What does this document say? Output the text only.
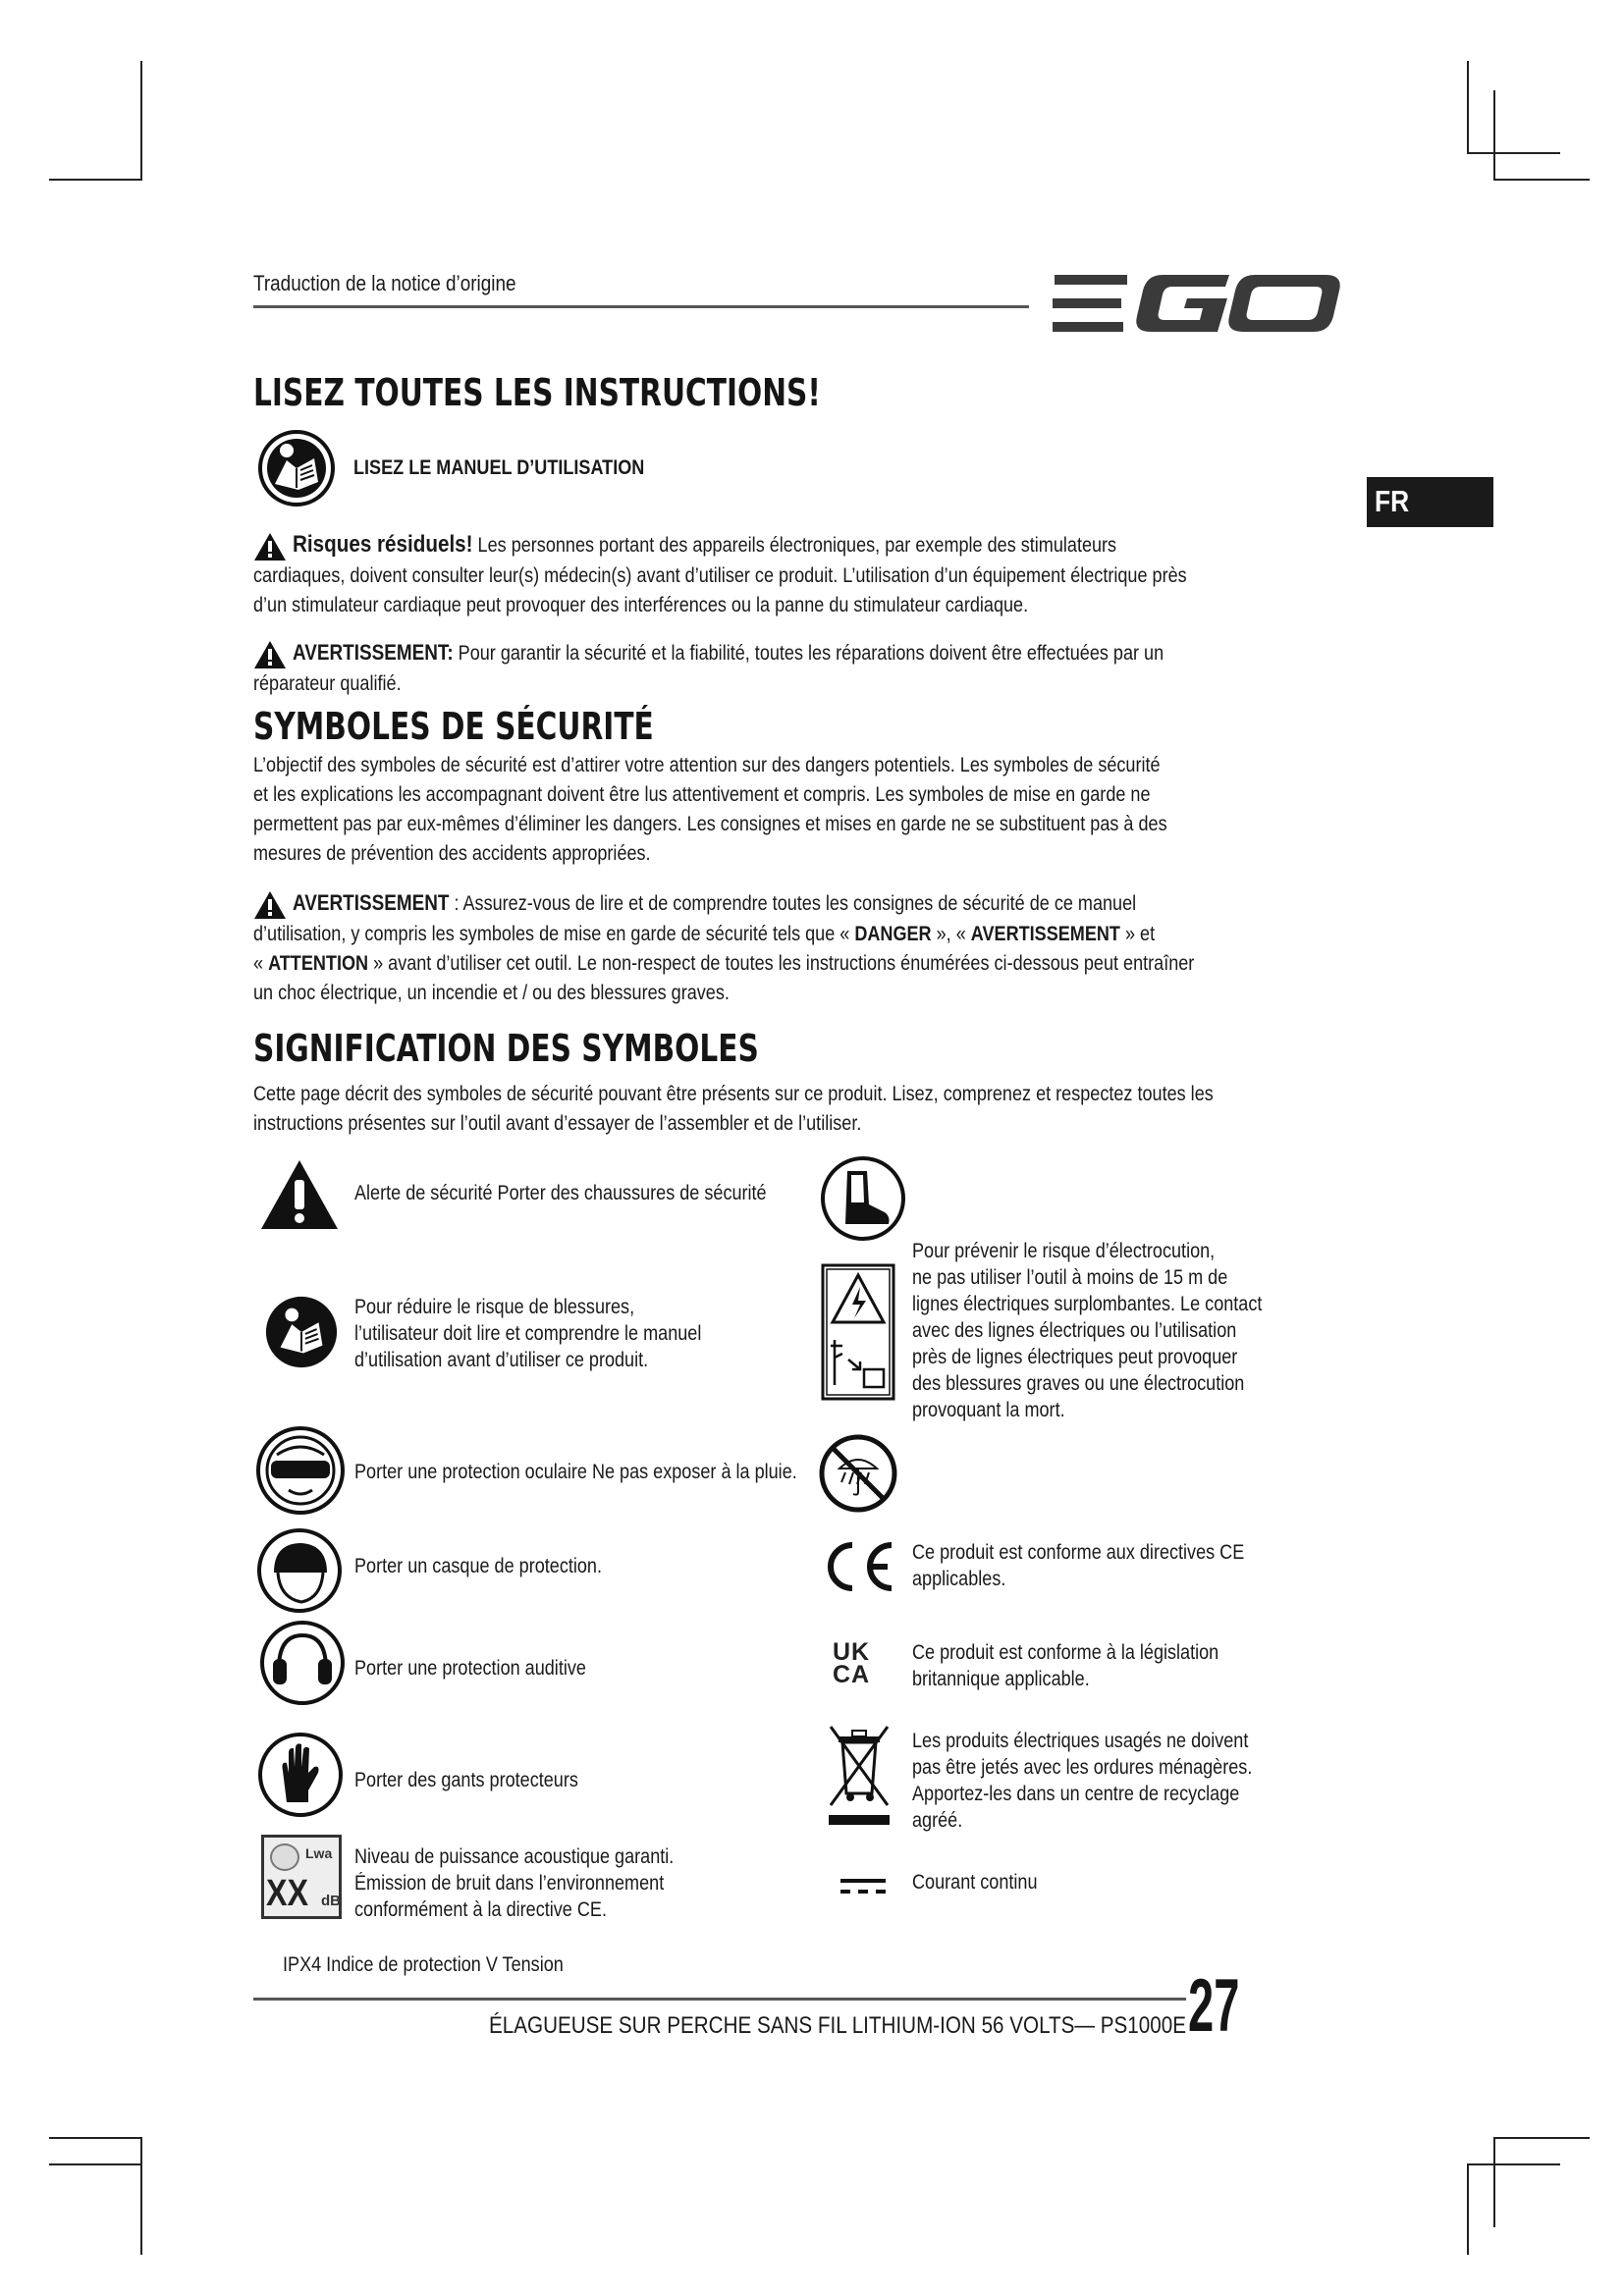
Traduction de la notice d’origine
FR
LISEZ TOUTES LES INSTRUCTIONS!
LISEZ LE MANUEL D’UTILISATION
Risques résiduels! Les personnes portant des appareils électroniques, par exemple des stimulateurs
cardiaques, doivent consulter leur(s) médecin(s) avant d’utiliser ce produit. L’utilisation d’un équipement électrique près
d’un stimulateur cardiaque peut provoquer des interférences ou la panne du stimulateur cardiaque.
AVERTISSEMENT: Pour garantir la sécurité et la fiabilité, toutes les réparations doivent être effectuées par un
réparateur qualifié.
SYMBOLES DE SÉCURITÉ
L’objectif des symboles de sécurité est d’attirer votre attention sur des dangers potentiels. Les symboles de sécurité
et les explications les accompagnant doivent être lus attentivement et compris. Les symboles de mise en garde ne
permettent pas par eux-mêmes d’éliminer les dangers. Les consignes et mises en garde ne se substituent pas à des
mesures de prévention des accidents appropriées.
AVERTISSEMENT : Assurez-vous de lire et de comprendre toutes les consignes de sécurité de ce manuel
d’utilisation, y compris les symboles de mise en garde de sécurité tels que « DANGER », « AVERTISSEMENT » et
« ATTENTION » avant d’utiliser cet outil. Le non-respect de toutes les instructions énumérées ci-dessous peut entraîner
un choc électrique, un incendie et / ou des blessures graves.
SIGNIFICATION DES SYMBOLES
Cette page décrit des symboles de sécurité pouvant être présents sur ce produit. Lisez, comprenez et respectez toutes les
instructions présentes sur l’outil avant d’essayer de l’assembler et de l’utiliser.
Alerte de sécurité Porter des chaussures de sécurité
Pour réduire le risque de blessures,
l’utilisateur doit lire et comprendre le manuel
d’utilisation avant d’utiliser ce produit.
Pour prévenir le risque d’électrocution,
ne pas utiliser l’outil à moins de 15 m de
lignes électriques surplombantes. Le contact
avec des lignes électriques ou l’utilisation
près de lignes électriques peut provoquer
des blessures graves ou une électrocution
provoquant la mort.
Porter une protection oculaire Ne pas exposer à la pluie.
Porter un casque de protection.
Ce produit est conforme aux directives CE
applicables.
Porter une protection auditive
UK
CA
Ce produit est conforme à la législation
britannique applicable.
Porter des gants protecteurs
Les produits électriques usagés ne doivent
pas être jetés avec les ordures ménagères.
Apportez-les dans un centre de recyclage
agréé.
Lwa
XX dB
Niveau de puissance acoustique garanti.
Émission de bruit dans l’environnement
conformément à la directive CE.
Courant continu
IPX4 Indice de protection V Tension
ÉLAGUEUSE SUR PERCHE SANS FIL LITHIUM-ION 56 VOLTS— PS1000E 27
